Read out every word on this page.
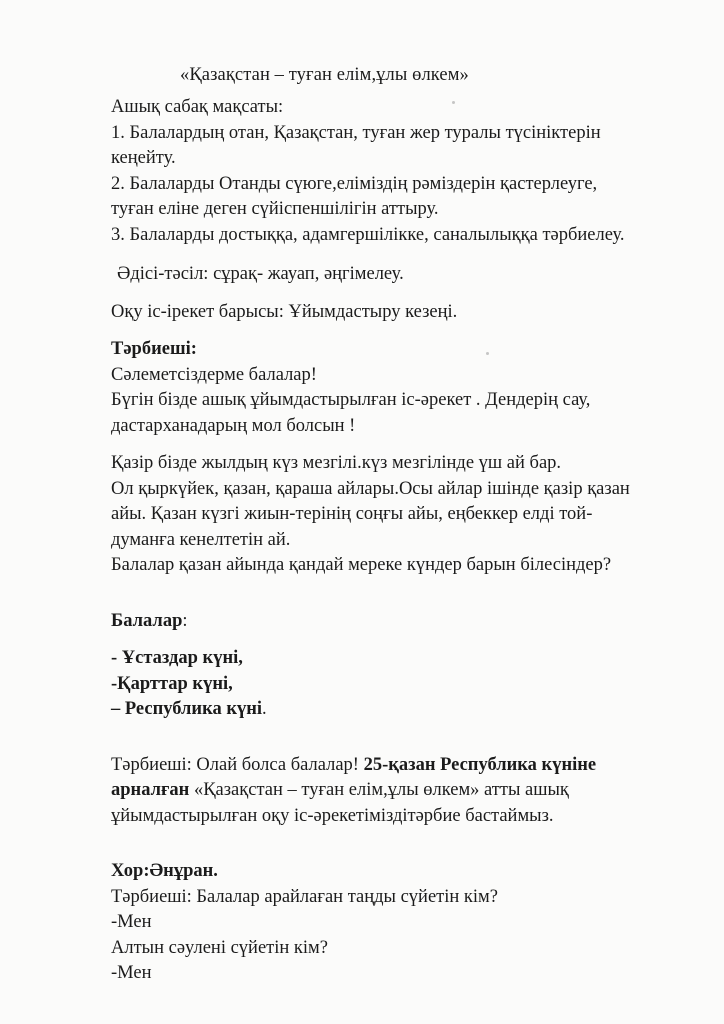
«Қазақстан – туған елім,ұлы өлкем»
Ашық сабақ мақсаты:
1. Балалардың отан, Қазақстан, туған жер туралы түсініктерін
кеңейту.
2. Балаларды Отанды сүюге,еліміздің рәміздерін қастерлеуге,
туған еліне деген сүйіспеншілігін аттыру.
3. Балаларды достыққа, адамгершілікке, саналылыққа тәрбиелеу.
Әдісі-тәсіл: сұрақ- жауап, әңгімелеу.
Оқу іс-ірекет барысы: Ұйымдастыру кезеңі.
Тәрбиеші:
Сәлеметсіздерме балалар!
Бүгін бізде ашық ұйымдастырылған іс-әрекет . Дендерің сау,
дастарханадарың мол болсын !
Қазір бізде жылдың күз мезгілі.күз мезгілінде үш ай бар.
Ол қыркүйек, қазан, қараша айлары.Осы айлар ішінде қазір қазан
айы. Қазан күзгі жиын-терінің соңғы айы, еңбеккер елді той-
думанға кенелтетін ай.
Балалар қазан айында қандай мереке күндер барын білесіндер?
Балалар:
- Ұстаздар күні,
-Қарттар күні,
– Республика күні.
Тәрбиеші: Олай болса балалар! 25-қазан Республика күніне
арналған «Қазақстан – туған елім,ұлы өлкем» атты ашық
ұйымдастырылған оқу іс-әрекетіміздітәрбие бастаймыз.
Хор:Әнұран.
Тәрбиеші: Балалар арайлаған таңды сүйетін кім?
-Мен
Алтын сәулені сүйетін кім?
-Мен
